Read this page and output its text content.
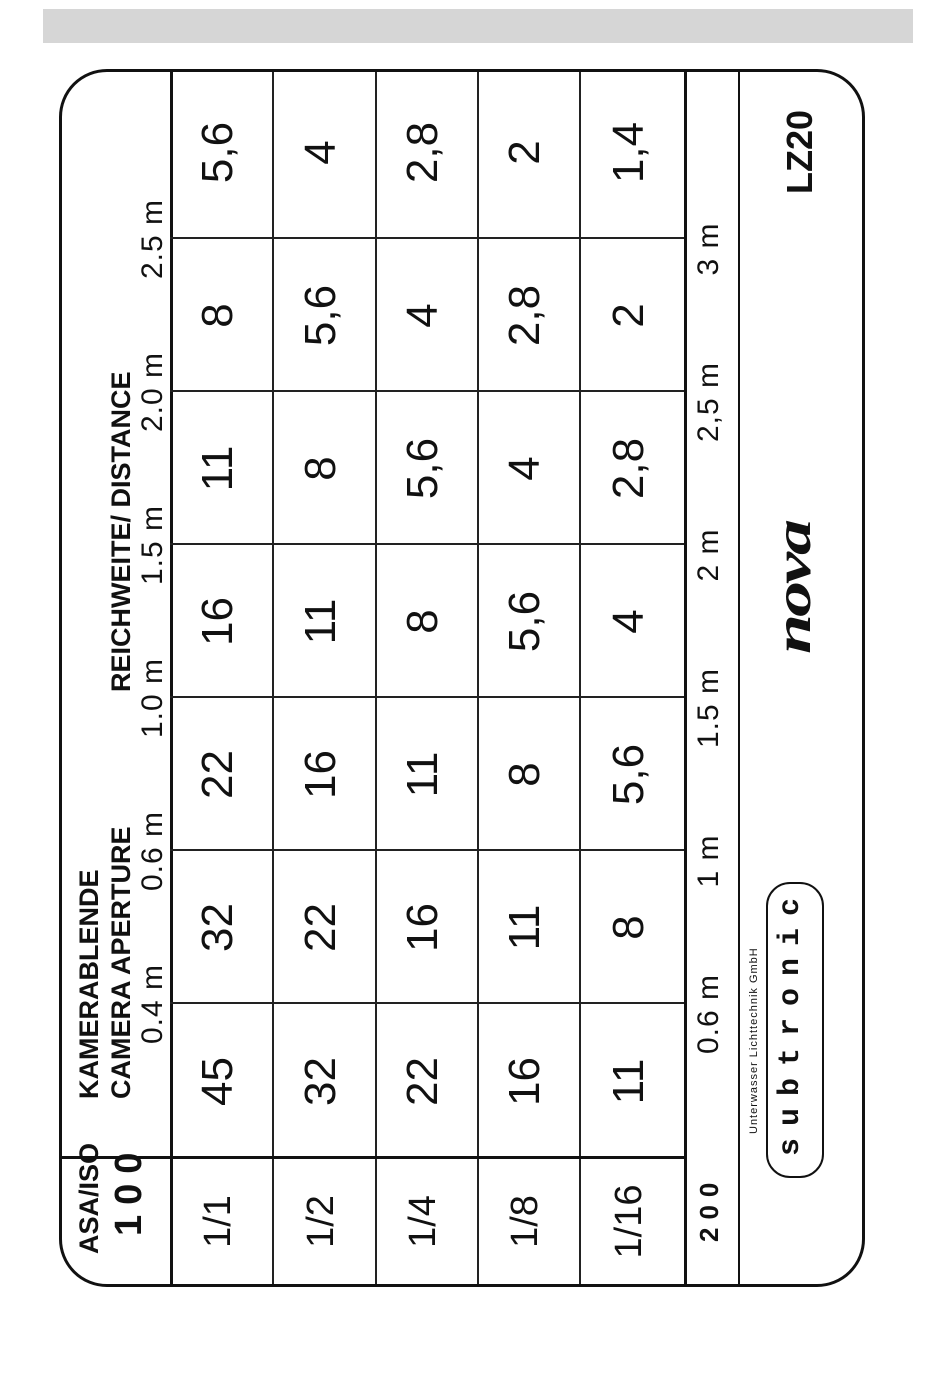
ASA/ISO 100
KAMERABLENDE CAMERA APERTURE
REICHWEITE/ DISTANCE
0.4 m
0.6 m
1.0 m
1.5 m
2.0 m
2.5 m
1/1
45
32
22
16
11
8
5,6
1/2
32
22
16
11
8
5,6
4
1/4
22
16
11
8
5,6
4
2,8
1/8
16
11
8
5,6
4
2,8
2
1/16
11
8
5,6
4
2,8
2
1,4
200
0.6 m
1 m
1.5 m
2 m
2,5 m
3 m
Unterwasser Lichttechnik GmbH subtronic
nova
LZ20
